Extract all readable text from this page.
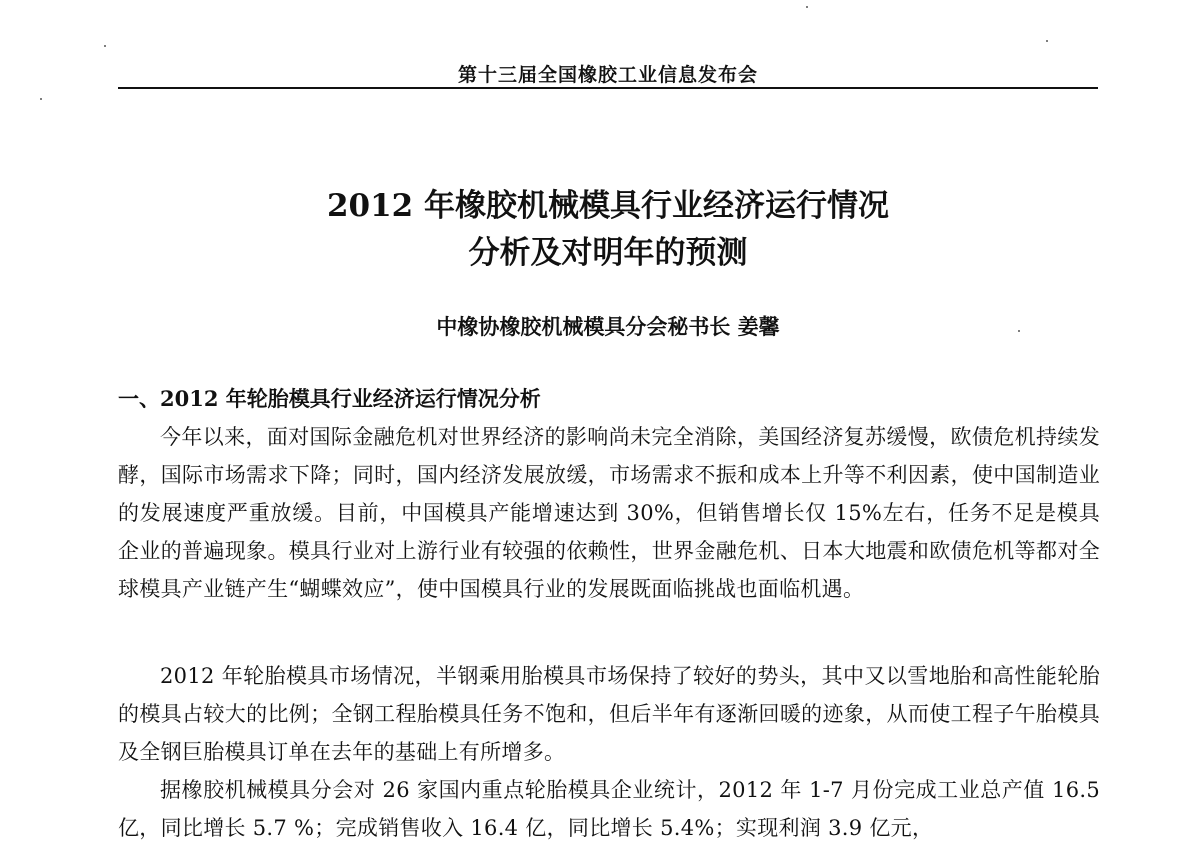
第十三届全国橡胶工业信息发布会
2012 年橡胶机械模具行业经济运行情况
分析及对明年的预测
中橡协橡胶机械模具分会秘书长 姜馨
一、2012 年轮胎模具行业经济运行情况分析

今年以来，面对国际金融危机对世界经济的影响尚未完全消除，美国经济复苏缓慢，欧债危机持续发酵，国际市场需求下降；同时，国内经济发展放缓，市场需求不振和成本上升等不利因素，使中国制造业的发展速度严重放缓。目前，中国模具产能增速达到 30%，但销售增长仅 15%左右，任务不足是模具企业的普遍现象。模具行业对上游行业有较强的依赖性，世界金融危机、日本大地震和欧债危机等都对全球模具产业链产生“蝴蝶效应”，使中国模具行业的发展既面临挑战也面临机遇。

2012 年轮胎模具市场情况，半钢乘用胎模具市场保持了较好的势头，其中又以雪地胎和高性能轮胎的模具占较大的比例；全钢工程胎模具任务不饱和，但后半年有逐渐回暖的迹象，从而使工程子午胎模具及全钢巨胎模具订单在去年的基础上有所增多。

据橡胶机械模具分会对 26 家国内重点轮胎模具企业统计，2012 年 1-7 月份完成工业总产值 16.5 亿，同比增长 5.7 %；完成销售收入 16.4 亿，同比增长 5.4%；实现利润 3.9 亿元，
